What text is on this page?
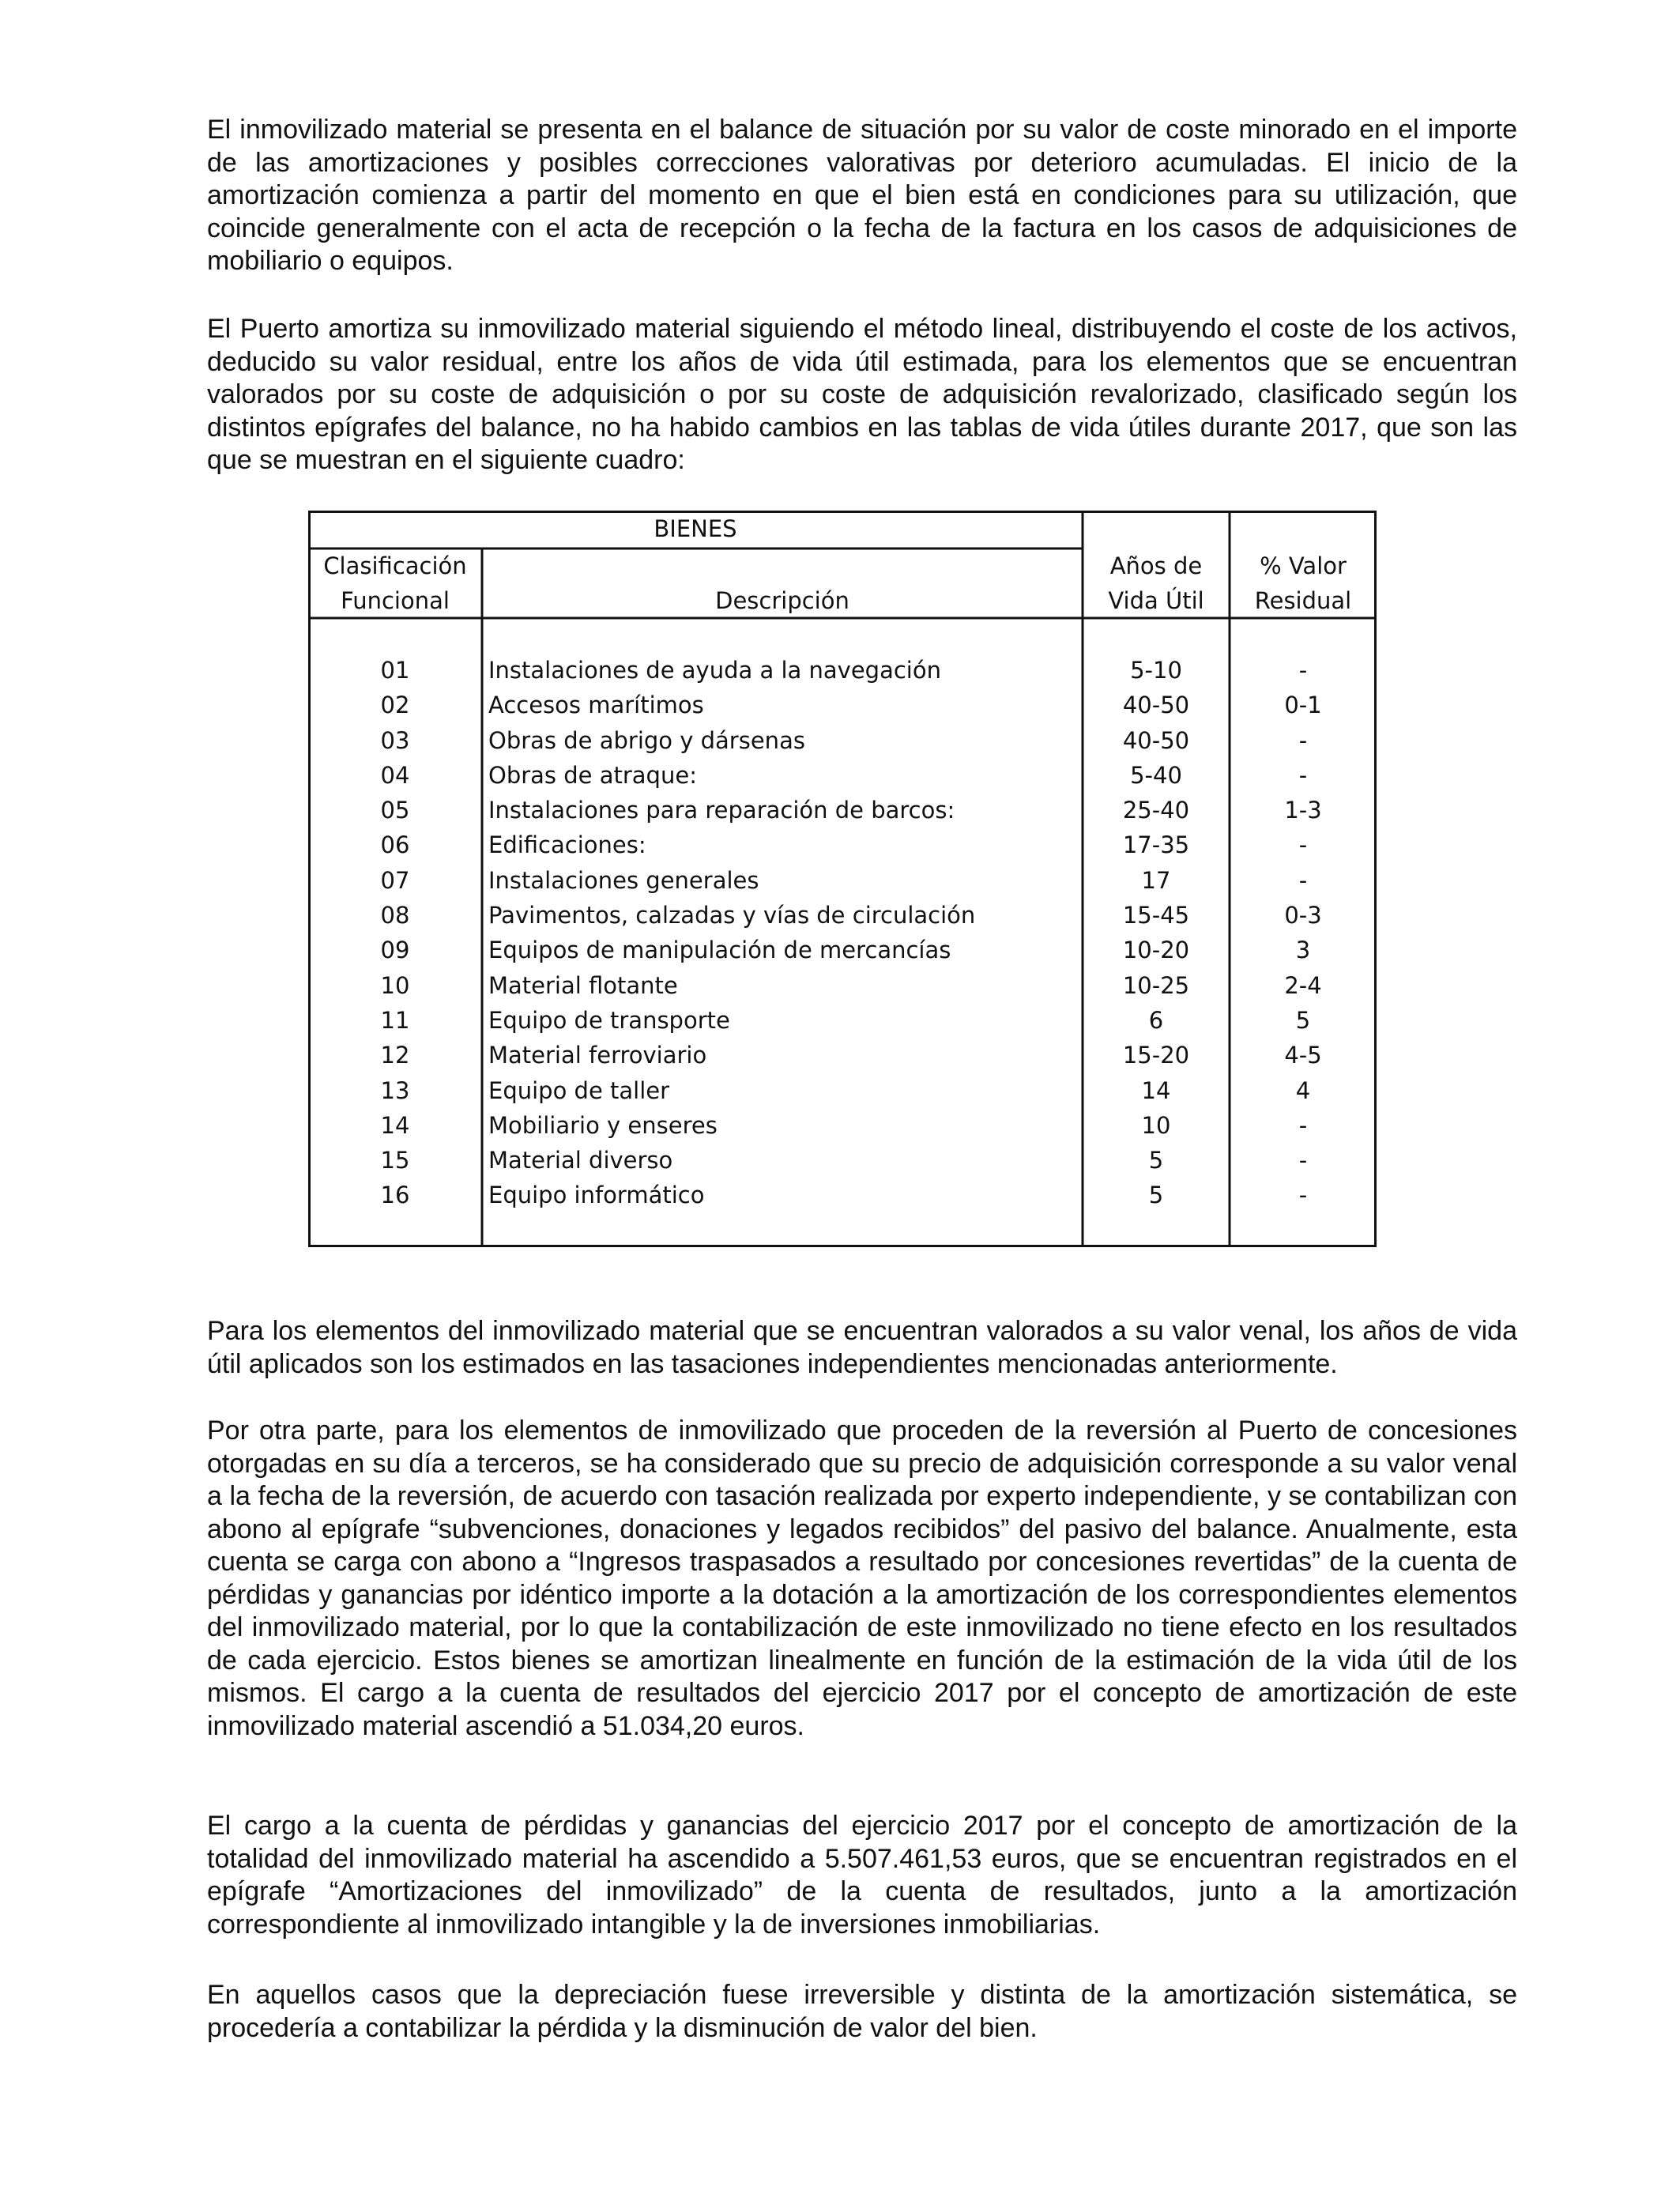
El inmovilizado material se presenta en el balance de situación por su valor de coste minorado en el importe de las amortizaciones y posibles correcciones valorativas por deterioro acumuladas. El inicio de la amortización comienza a partir del momento en que el bien está en condiciones para su utilización, que coincide generalmente con el acta de recepción o la fecha de la factura en los casos de adquisiciones de mobiliario o equipos.

El Puerto amortiza su inmovilizado material siguiendo el método lineal, distribuyendo el coste de los activos, deducido su valor residual, entre los años de vida útil estimada, para los elementos que se encuentran valorados por su coste de adquisición o por su coste de adquisición revalorizado, clasificado según los distintos epígrafes del balance, no ha habido cambios en las tablas de vida útiles durante 2017, que son las que se muestran en el siguiente cuadro:

BIENES
Clasificación
Funcional	Descripción
Años de
Vida Útil
% Valor
Residual
01
02
03
04
05
06
07
08
09
10
11
12
13
14
15
16
Instalaciones de ayuda a la navegación
Accesos marítimos
Obras de abrigo y dársenas
Obras de atraque:
Instalaciones para reparación de barcos:
Edificaciones:
Instalaciones generales
Pavimentos, calzadas y vías de circulación
Equipos de manipulación de mercancías
Material flotante
Equipo de transporte
Material ferroviario
Equipo de taller
Mobiliario y enseres
Material diverso
Equipo informático
5-10
40-50
40-50
5-40
25-40
17-35
17
15-45
10-20
10-25
6
15-20
14
10
5
5
-
0-1
-
-
1-3
-
-
0-3
3
2-4
5
4-5
4
-
-
-

Para los elementos del inmovilizado material que se encuentran valorados a su valor venal, los años de vida útil aplicados son los estimados en las tasaciones independientes mencionadas anteriormente.

Por otra parte, para los elementos de inmovilizado que proceden de la reversión al Puerto de concesiones otorgadas en su día a terceros, se ha considerado que su precio de adquisición corresponde a su valor venal a la fecha de la reversión, de acuerdo con tasación realizada por experto independiente, y se contabilizan con abono al epígrafe “subvenciones, donaciones y legados recibidos” del pasivo del balance. Anualmente, esta cuenta se carga con abono a “Ingresos traspasados a resultado por concesiones revertidas” de la cuenta de pérdidas y ganancias por idéntico importe a la dotación a la amortización de los correspondientes elementos del inmovilizado material, por lo que la contabilización de este inmovilizado no tiene efecto en los resultados de cada ejercicio. Estos bienes se amortizan linealmente en función de la estimación de la vida útil de los mismos. El cargo a la cuenta de resultados del ejercicio 2017 por el concepto de amortización de este inmovilizado material ascendió a 51.034,20 euros.

El cargo a la cuenta de pérdidas y ganancias del ejercicio 2017 por el concepto de amortización de la totalidad del inmovilizado material ha ascendido a 5.507.461,53 euros, que se encuentran registrados en el epígrafe “Amortizaciones del inmovilizado” de la cuenta de resultados, junto a la amortización correspondiente al inmovilizado intangible y la de inversiones inmobiliarias.

En aquellos casos que la depreciación fuese irreversible y distinta de la amortización sistemática, se procedería a contabilizar la pérdida y la disminución de valor del bien.
